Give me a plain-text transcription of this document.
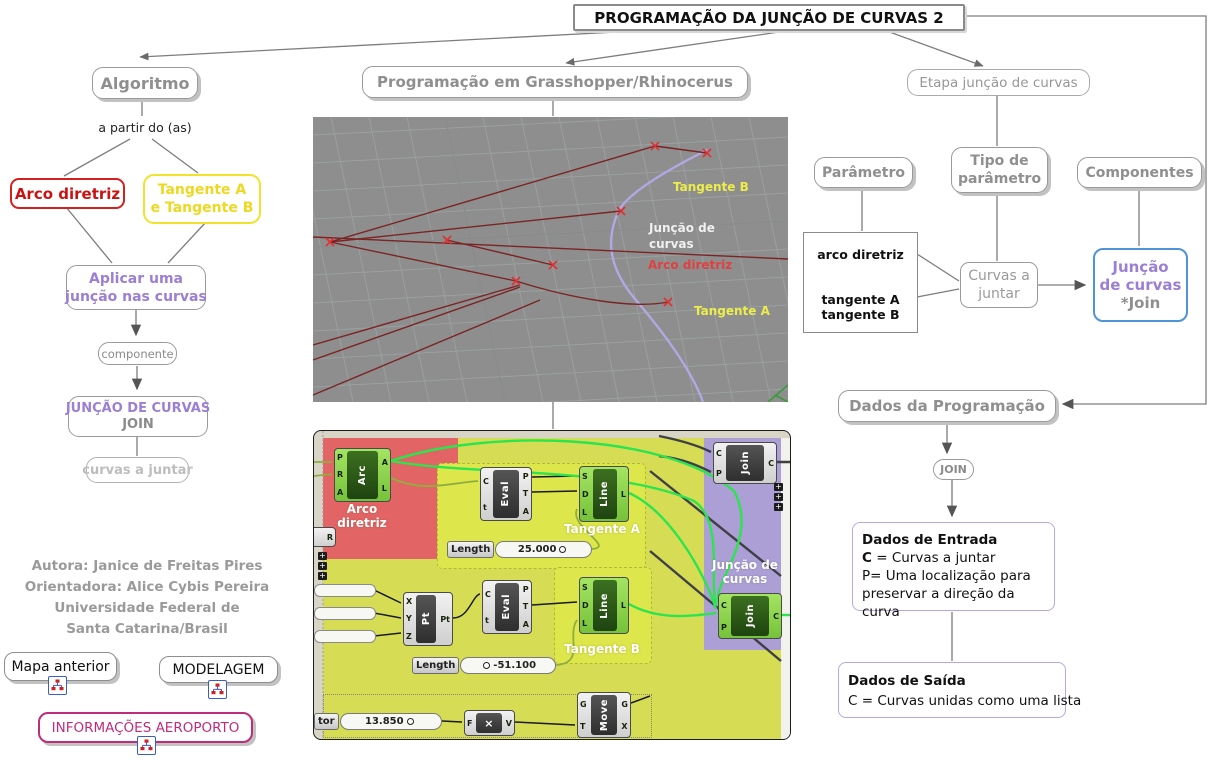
PROGRAMAÇÃO DA JUNÇÃO DE CURVAS 2
Algoritmo
a partir do (as)
Arco diretriz	Tangente A
e Tangente B
Aplicar uma
junção nas curvas
componente
JUNÇÃO DE CURVAS
JOIN
curvas a juntar
Programação em Grasshopper/Rhinocerus
Tangente B
Junção de
curvas
Arco diretriz
Tangente A
P
R
A
Arc
A
L
Arco
diretriz
C
t
Eval
P
T
A
S
D
L
Line L
Tangente A
Length	25.000
X
Y
Z
Pt Pt
C
t
Eval
P
T
A
S
D
L
Line L
Tangente B
Length	-51.100
C
P Join C
Junção de
curvas
C
P Join C
F × V
G
T Move G
X
tor	13.850
R
+
+
+
+
+
+
Etapa junção de curvas
Parâmetro
Tipo de
parâmetro	Componentes
arco diretriz
tangente A
tangente B
Curvas a
juntar
Junção
de curvas
*Join
Dados da Programação
JOIN
Dados de Entrada
C = Curvas a juntar
P= Uma localização para
preservar a direção da curva
Dados de Saída
C = Curvas unidas como uma lista
Autora: Janice de Freitas Pires
Orientadora: Alice Cybis Pereira
Universidade Federal de
Santa Catarina/Brasil
Mapa anterior	MODELAGEM
INFORMAÇÕES AEROPORTO
